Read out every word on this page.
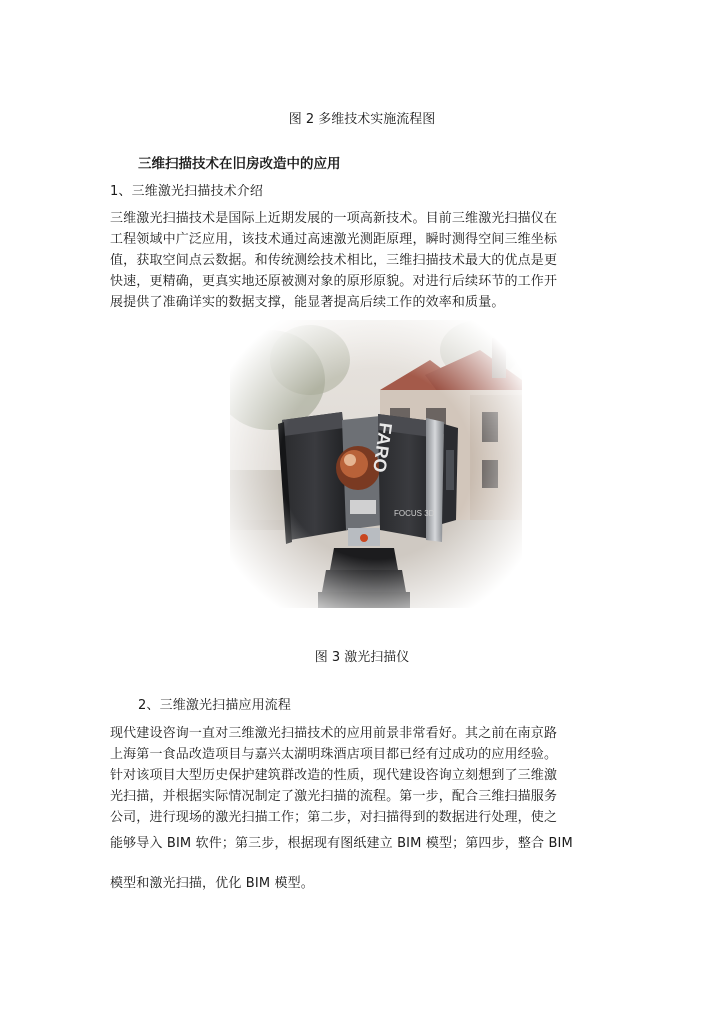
图 2 多维技术实施流程图
三维扫描技术在旧房改造中的应用
1、三维激光扫描技术介绍
三维激光扫描技术是国际上近期发展的一项高新技术。目前三维激光扫描仪在
工程领域中广泛应用，该技术通过高速激光测距原理，瞬时测得空间三维坐标
值，获取空间点云数据。和传统测绘技术相比，三维扫描技术最大的优点是更
快速，更精确，更真实地还原被测对象的原形原貌。对进行后续环节的工作开
展提供了准确详实的数据支撑，能显著提高后续工作的效率和质量。
图 3 激光扫描仪
2、三维激光扫描应用流程
现代建设咨询一直对三维激光扫描技术的应用前景非常看好。其之前在南京路
上海第一食品改造项目与嘉兴太湖明珠酒店项目都已经有过成功的应用经验。
针对该项目大型历史保护建筑群改造的性质，现代建设咨询立刻想到了三维激
光扫描，并根据实际情况制定了激光扫描的流程。第一步，配合三维扫描服务
公司，进行现场的激光扫描工作；第二步，对扫描得到的数据进行处理，使之
能够导入 BIM 软件；第三步，根据现有图纸建立 BIM 模型；第四步，整合 BIM
模型和激光扫描，优化 BIM 模型。
